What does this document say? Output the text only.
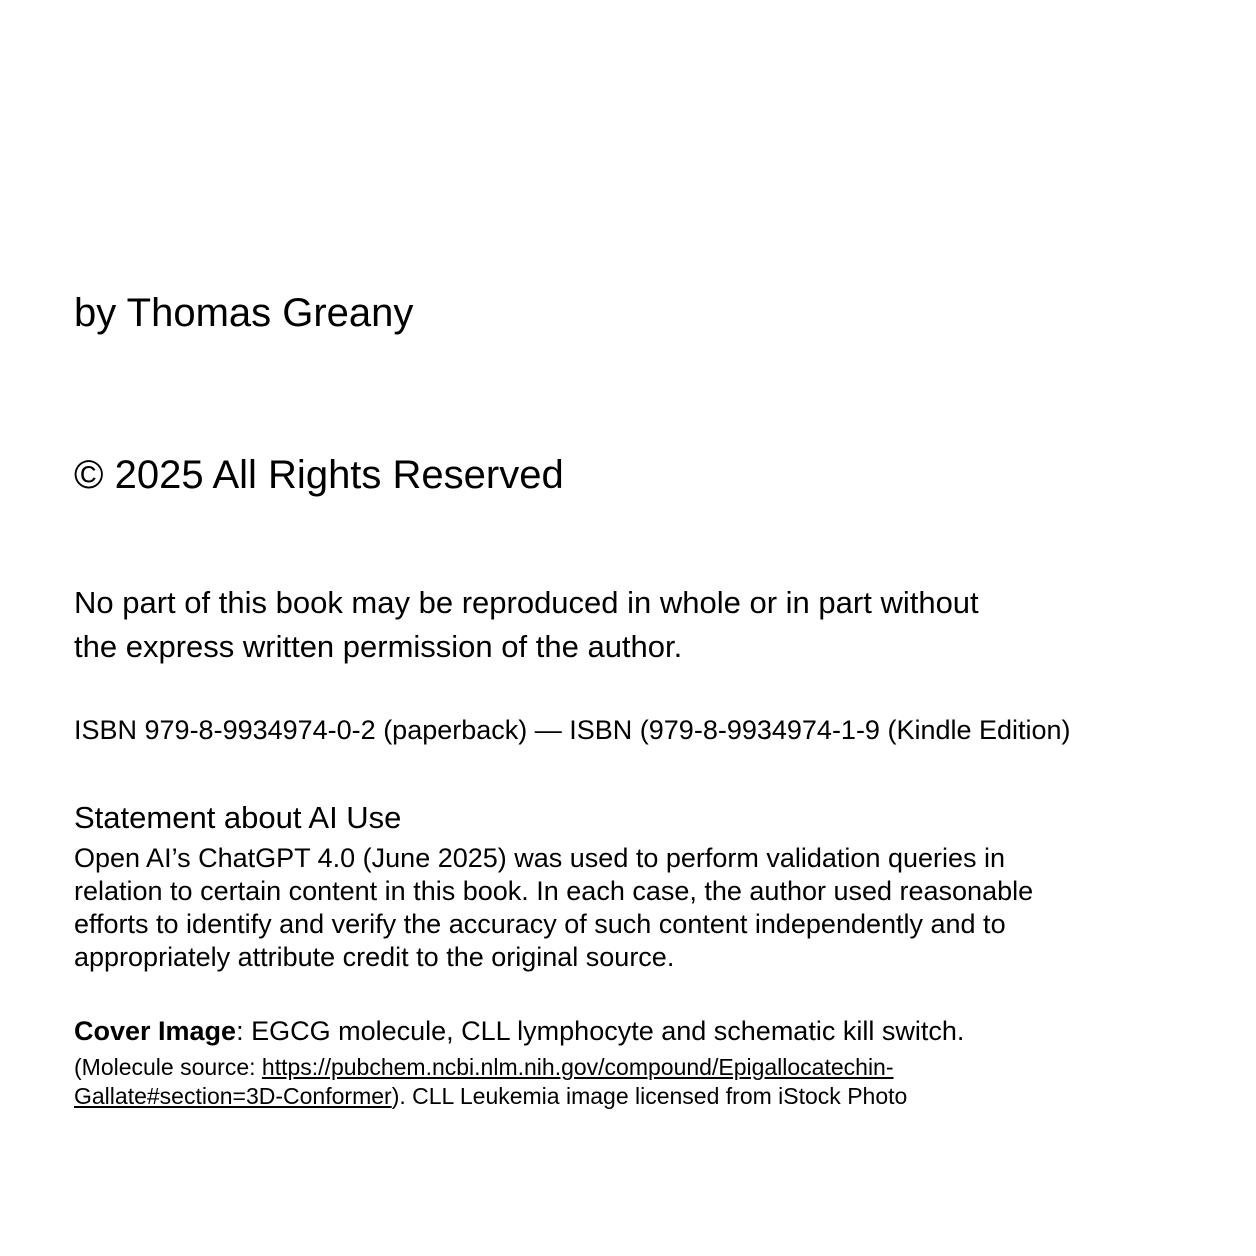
by Thomas Greany

© 2025 All Rights Reserved

No part of this book may be reproduced in whole or in part without
the express written permission of the author.

ISBN 979-8-9934974-0-2 (paperback) — ISBN (979-8-9934974-1-9 (Kindle Edition)

Statement about AI Use

Open AI’s ChatGPT 4.0 (June 2025) was used to perform validation queries in
relation to certain content in this book. In each case, the author used reasonable
efforts to identify and verify the accuracy of such content independently and to
appropriately attribute credit to the original source.

Cover Image: EGCG molecule, CLL lymphocyte and schematic kill switch.

(Molecule source: https://pubchem.ncbi.nlm.nih.gov/compound/Epigallocatechin-
Gallate#section=3D-Conformer). CLL Leukemia image licensed from iStock Photo
